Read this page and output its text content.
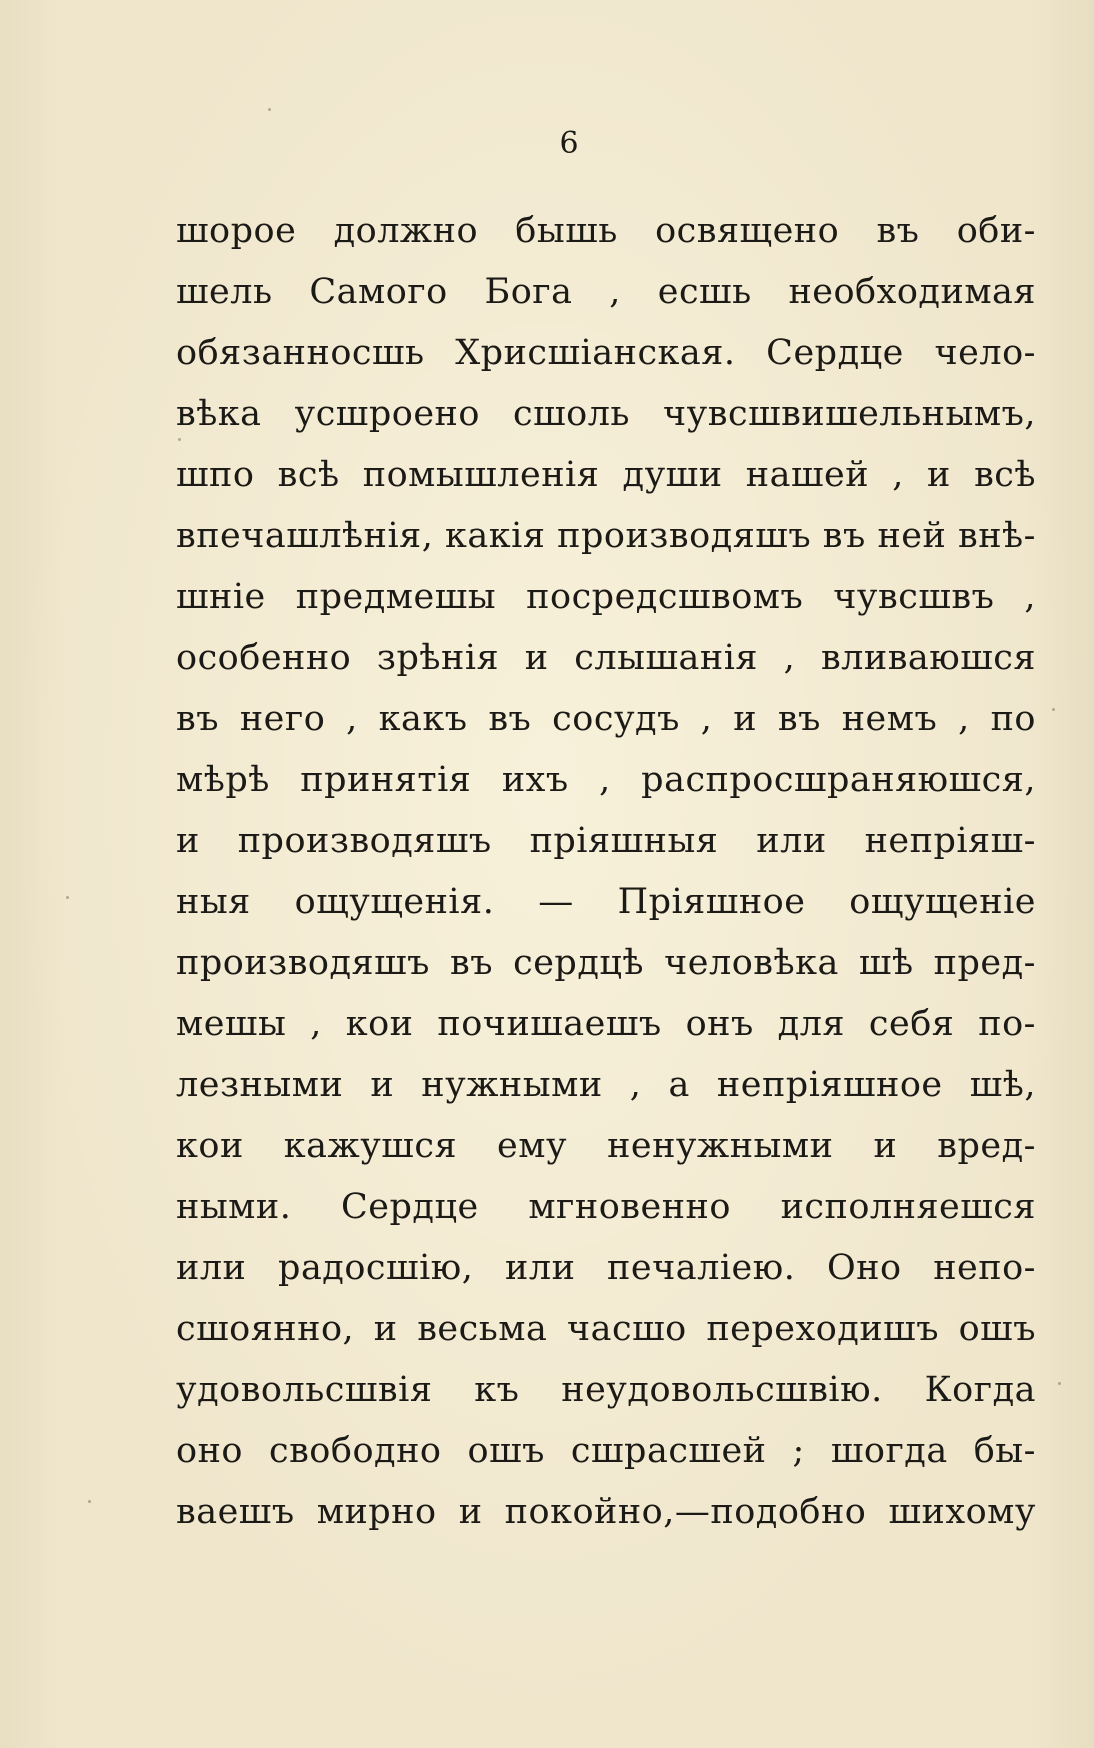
6
шорое должно бышь освящено въ оби-
шель Самого Бога , есшь необходимая
обязанносшь Хрисшіанская. Сердце чело-
вѣка усшроено сшоль чувсшвишельнымъ,
шпо всѣ помышленія души нашей , и всѣ
впечашлѣнія, какія производяшъ въ ней внѣ-
шніе предмешы посредсшвомъ чувсшвъ ,
особенно зрѣнія и слышанія , вливаюшся
въ него , какъ въ сосудъ , и въ немъ , по
мѣрѣ принятія ихъ , распросшраняюшся,
и производяшъ пріяшныя или непріяш-
ныя ощущенія. — Пріяшное ощущеніе
производяшъ въ сердцѣ человѣка шѣ пред-
мешы , кои почишаешъ онъ для себя по-
лезными и нужными , а непріяшное шѣ,
кои кажушся ему ненужными и вред-
ными. Сердце мгновенно исполняешся
или радосшію, или печаліею. Оно непо-
сшоянно, и весьма часшо переходишъ ошъ
удовольсшвія къ неудовольсшвію. Когда
оно свободно ошъ сшрасшей ; шогда бы-
ваешъ мирно и покойно,—подобно шихому
